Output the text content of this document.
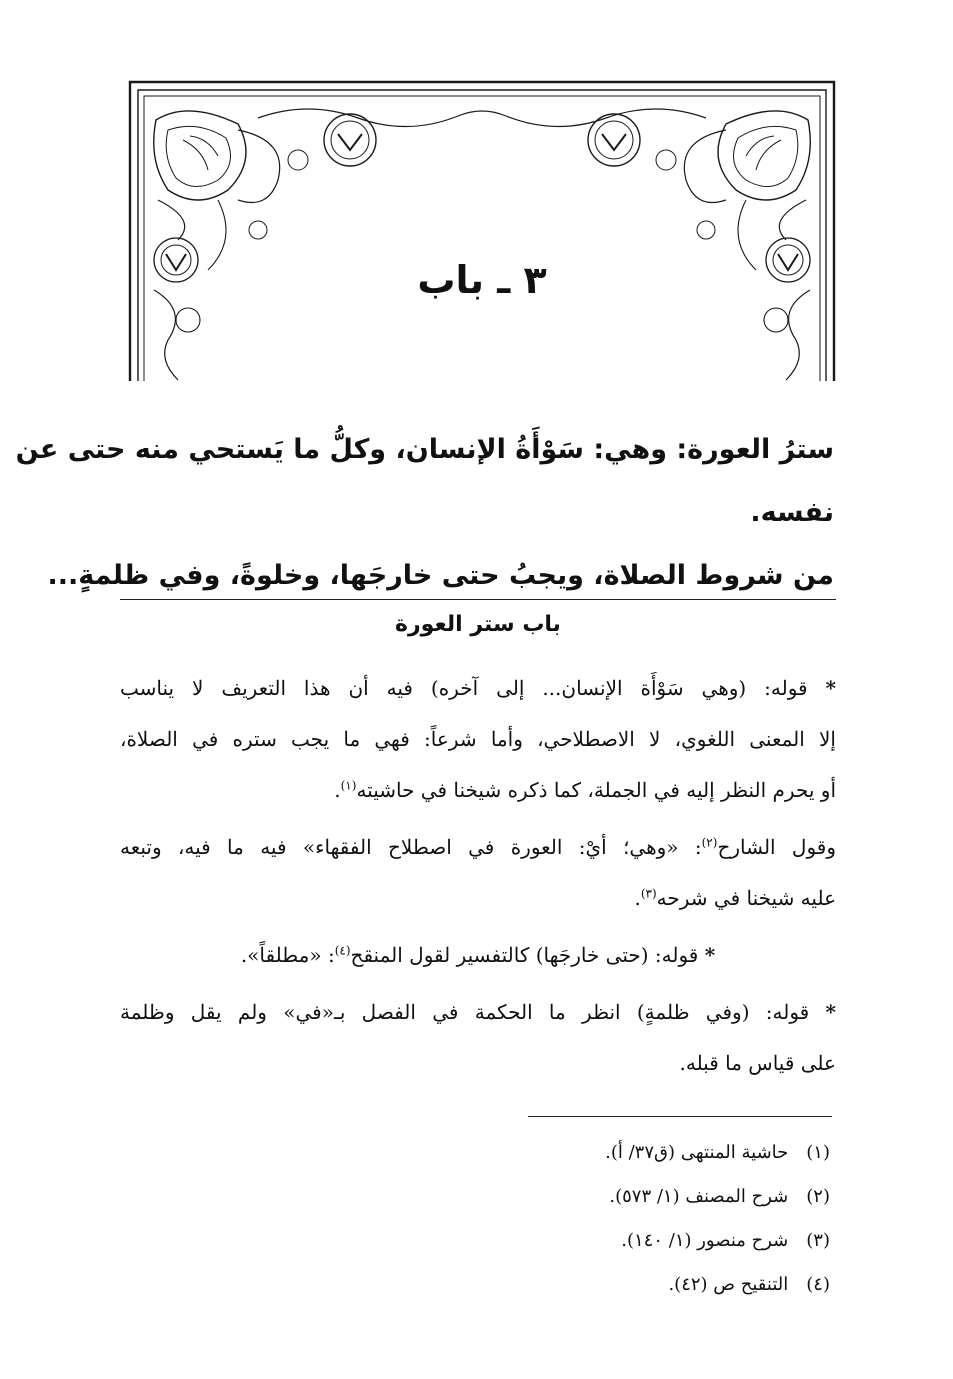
٣ ـ باب
سترُ العورة: وهي: سَوْأَةُ الإنسان، وكلُّ ما يَستحي منه حتى عن
نفسه.
من شروط الصلاة، ويجبُ حتى خارجَها، وخلوةً، وفي ظلمةٍ...
باب ستر العورة
* قوله: (وهي سَوْأَة الإنسان... إلى آخره) فيه أن هذا التعريف لا يناسب
إلا المعنى اللغوي، لا الاصطلاحي، وأما شرعاً: فهي ما يجب ستره في الصلاة،
أو يحرم النظر إليه في الجملة، كما ذكره شيخنا في حاشيته$^{(١)}$.
وقول الشارح$^{(٢)}$: «وهي؛ أيْ: العورة في اصطلاح الفقهاء» فيه ما فيه، وتبعه
عليه شيخنا في شرحه$^{(٣)}$.
* قوله: (حتى خارجَها) كالتفسير لقول المنقح$^{(٤)}$: «مطلقاً».
* قوله: (وفي ظلمةٍ) انظر ما الحكمة في الفصل بـ«في» ولم يقل وظلمة
على قياس ما قبله.
(١) حاشية المنتهى (ق٣٧/ أ).
(٢) شرح المصنف (١/ ٥٧٣).
(٣) شرح منصور (١/ ١٤٠).
(٤) التنقيح ص (٤٢).
